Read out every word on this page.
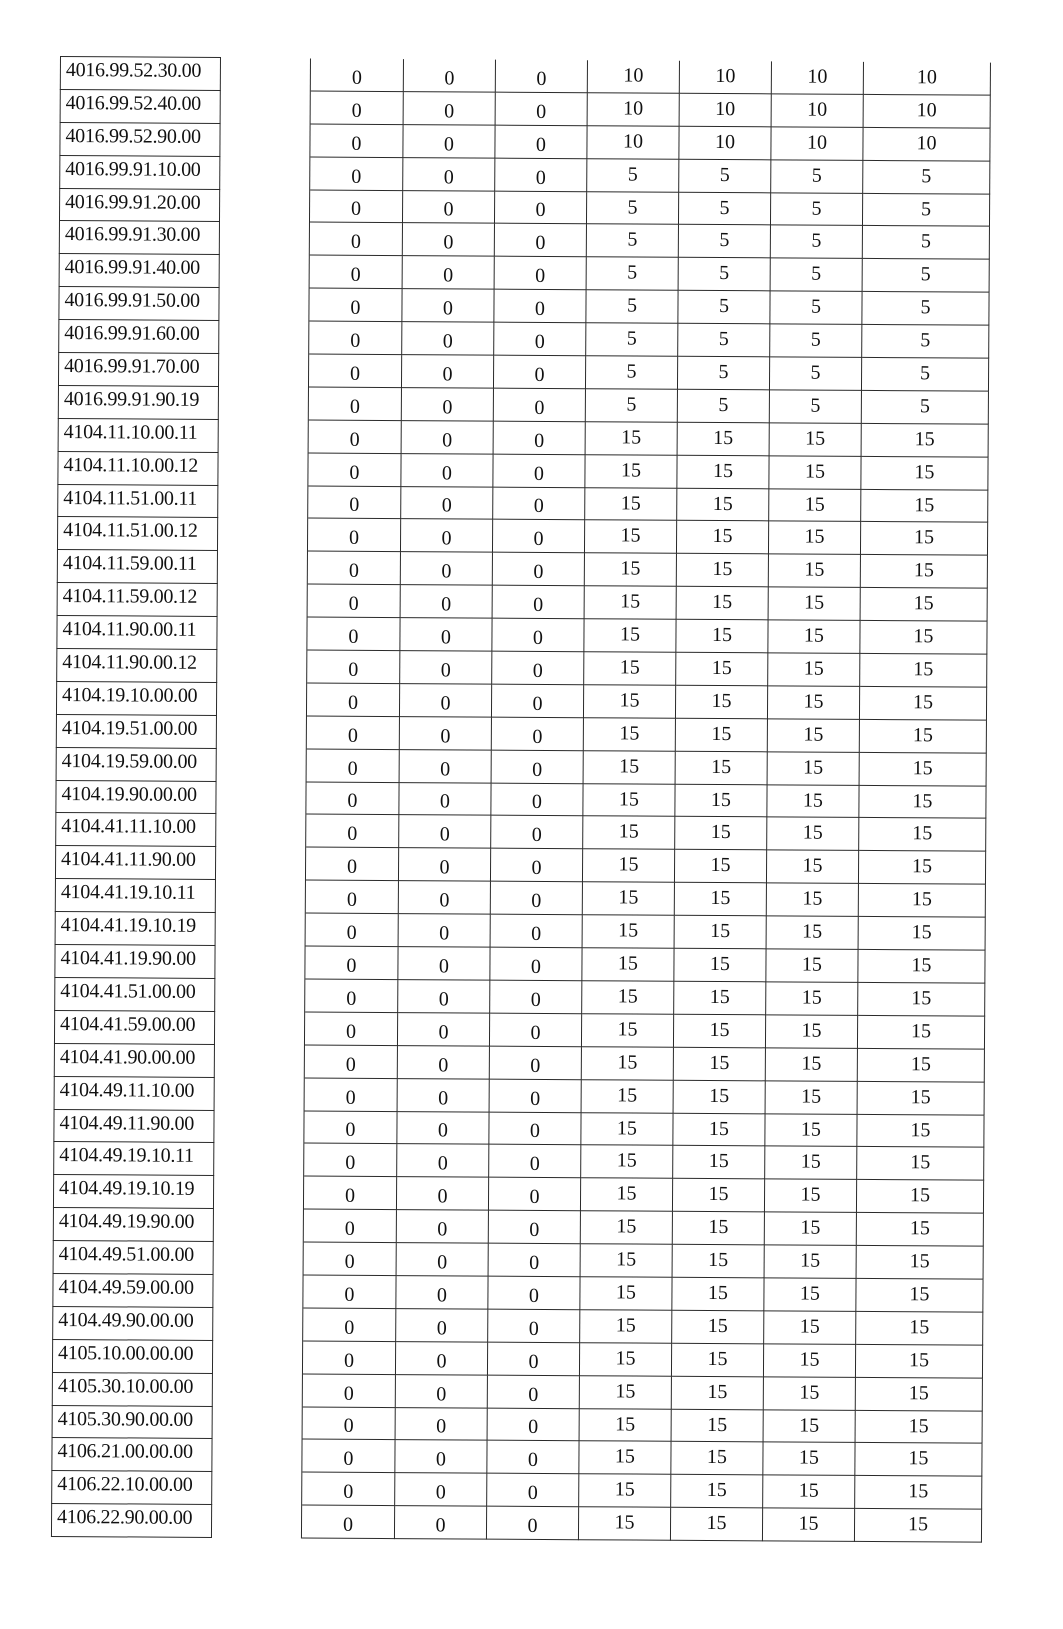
4016.99.52.30.00		0	0	0	10	10	10	10
4016.99.52.40.00		0	0	0	10	10	10	10
4016.99.52.90.00		0	0	0	10	10	10	10
4016.99.91.10.00		0	0	0	5	5	5	5
4016.99.91.20.00		0	0	0	5	5	5	5
4016.99.91.30.00		0	0	0	5	5	5	5
4016.99.91.40.00		0	0	0	5	5	5	5
4016.99.91.50.00		0	0	0	5	5	5	5
4016.99.91.60.00		0	0	0	5	5	5	5
4016.99.91.70.00		0	0	0	5	5	5	5
4016.99.91.90.19		0	0	0	5	5	5	5
4104.11.10.00.11		0	0	0	15	15	15	15
4104.11.10.00.12		0	0	0	15	15	15	15
4104.11.51.00.11		0	0	0	15	15	15	15
4104.11.51.00.12		0	0	0	15	15	15	15
4104.11.59.00.11		0	0	0	15	15	15	15
4104.11.59.00.12		0	0	0	15	15	15	15
4104.11.90.00.11		0	0	0	15	15	15	15
4104.11.90.00.12		0	0	0	15	15	15	15
4104.19.10.00.00		0	0	0	15	15	15	15
4104.19.51.00.00		0	0	0	15	15	15	15
4104.19.59.00.00		0	0	0	15	15	15	15
4104.19.90.00.00		0	0	0	15	15	15	15
4104.41.11.10.00		0	0	0	15	15	15	15
4104.41.11.90.00		0	0	0	15	15	15	15
4104.41.19.10.11		0	0	0	15	15	15	15
4104.41.19.10.19		0	0	0	15	15	15	15
4104.41.19.90.00		0	0	0	15	15	15	15
4104.41.51.00.00		0	0	0	15	15	15	15
4104.41.59.00.00		0	0	0	15	15	15	15
4104.41.90.00.00		0	0	0	15	15	15	15
4104.49.11.10.00		0	0	0	15	15	15	15
4104.49.11.90.00		0	0	0	15	15	15	15
4104.49.19.10.11		0	0	0	15	15	15	15
4104.49.19.10.19		0	0	0	15	15	15	15
4104.49.19.90.00		0	0	0	15	15	15	15
4104.49.51.00.00		0	0	0	15	15	15	15
4104.49.59.00.00		0	0	0	15	15	15	15
4104.49.90.00.00		0	0	0	15	15	15	15
4105.10.00.00.00		0	0	0	15	15	15	15
4105.30.10.00.00		0	0	0	15	15	15	15
4105.30.90.00.00		0	0	0	15	15	15	15
4106.21.00.00.00		0	0	0	15	15	15	15
4106.22.10.00.00		0	0	0	15	15	15	15
4106.22.90.00.00		0	0	0	15	15	15	15
